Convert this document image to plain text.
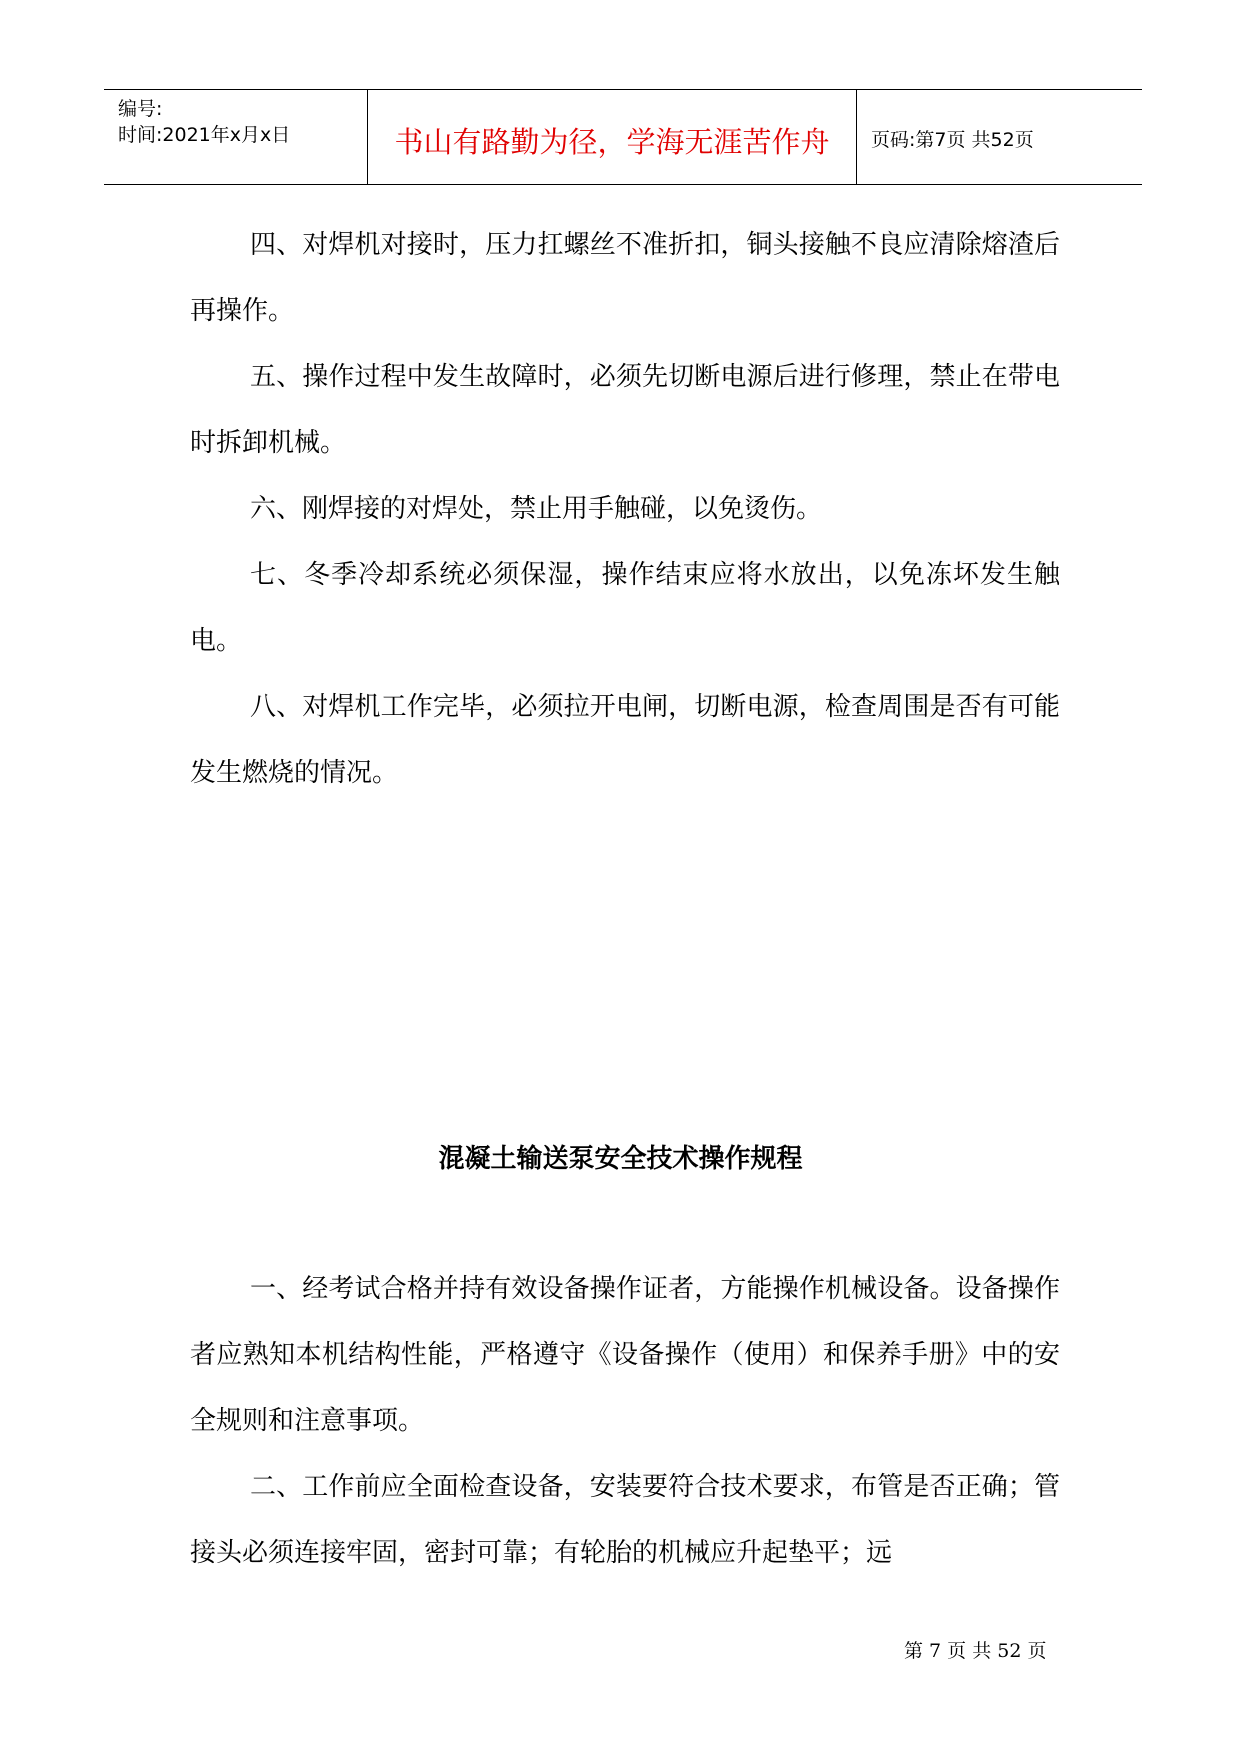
编号:
时间:2021年x月x日	书山有路勤为径，学海无涯苦作舟	页码:第7页 共52页

四、对焊机对接时，压力扛螺丝不准折扣，铜头接触不良应清除熔渣后再操作。

五、操作过程中发生故障时，必须先切断电源后进行修理，禁止在带电时拆卸机械。

六、刚焊接的对焊处，禁止用手触碰，以免烫伤。

七、冬季冷却系统必须保湿，操作结束应将水放出，以免冻坏发生触电。

八、对焊机工作完毕，必须拉开电闸，切断电源，检查周围是否有可能发生燃烧的情况。

混凝土输送泵安全技术操作规程

一、经考试合格并持有效设备操作证者，方能操作机械设备。设备操作者应熟知本机结构性能，严格遵守《设备操作（使用）和保养手册》中的安全规则和注意事项。

二、工作前应全面检查设备，安装要符合技术要求，布管是否正确；管接头必须连接牢固，密封可靠；有轮胎的机械应升起垫平；远

第 7 页 共 52 页
